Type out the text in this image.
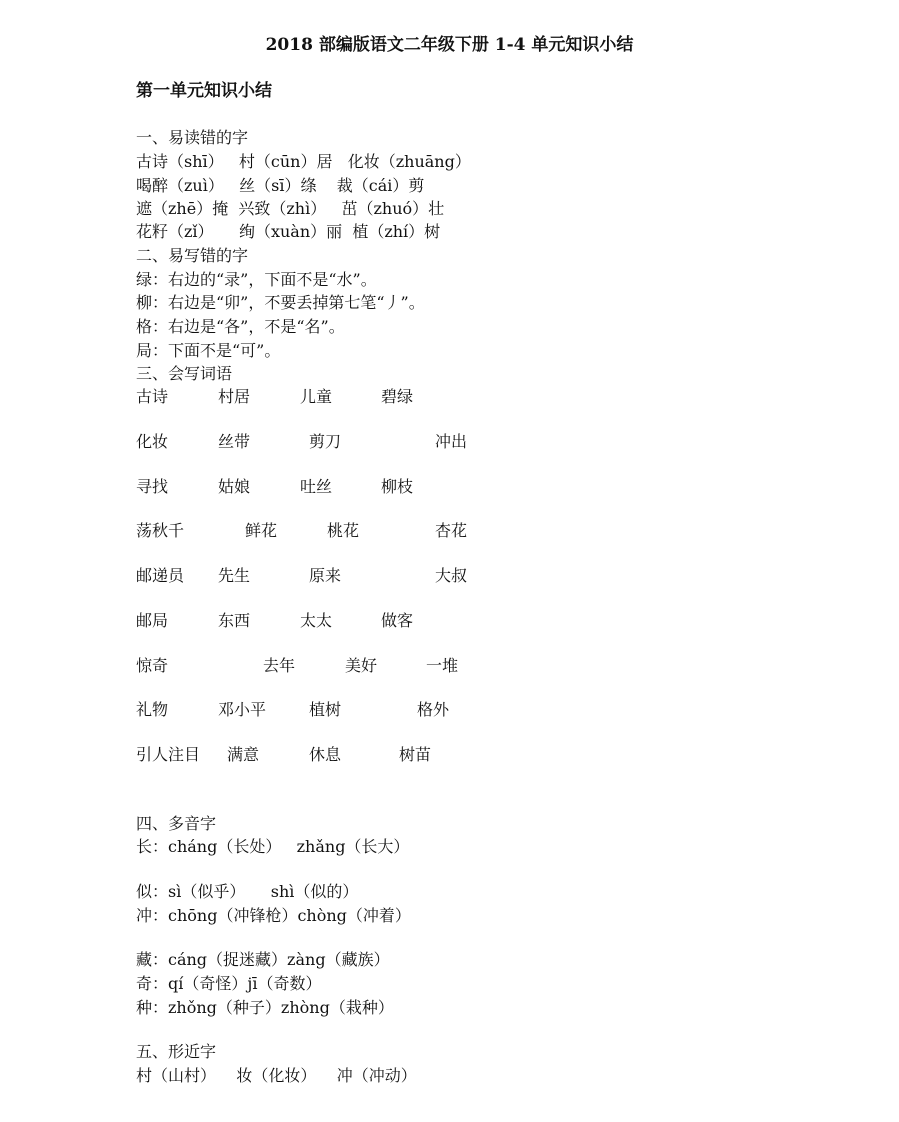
2018 部编版语文二年级下册 1-4 单元知识小结
第一单元知识小结
一、易读错的字
古诗（shī）   村（cūn）居   化妆（zhuāng）
喝醉（zuì）   丝（sī）绦    裁（cái）剪
遮（zhē）掩  兴致（zhì）   茁（zhuó）壮
花籽（zǐ）     绚（xuàn）丽  植（zhí）树
二、易写错的字
绿：右边的“录”，下面不是“水”。
柳：右边是“卯”，不要丢掉第七笔“丿”。
格：右边是“各”，不是“名”。
局：下面不是“可”。
三、会写词语
古诗	村居	儿童	碧绿
化妆	丝带	剪刀	冲出
寻找	姑娘	吐丝	柳枝
荡秋千	鲜花	桃花	杏花
邮递员 先生	原来	大叔
邮局	东西	太太	做客
惊奇	去年	美好	一堆
礼物	邓小平	植树	格外
引人注目 满意	休息	树苗
四、多音字
长：cháng（长处）   zhǎng（长大）
似：sì（似乎）     shì（似的）
冲：chōng（冲锋枪）chòng（冲着）
藏：cáng（捉迷藏）zàng（藏族）
奇：qí（奇怪）jī（奇数）
种：zhǒng（种子）zhòng（栽种）
五、形近字
村（山村）    妆（化妆）    冲（冲动）
